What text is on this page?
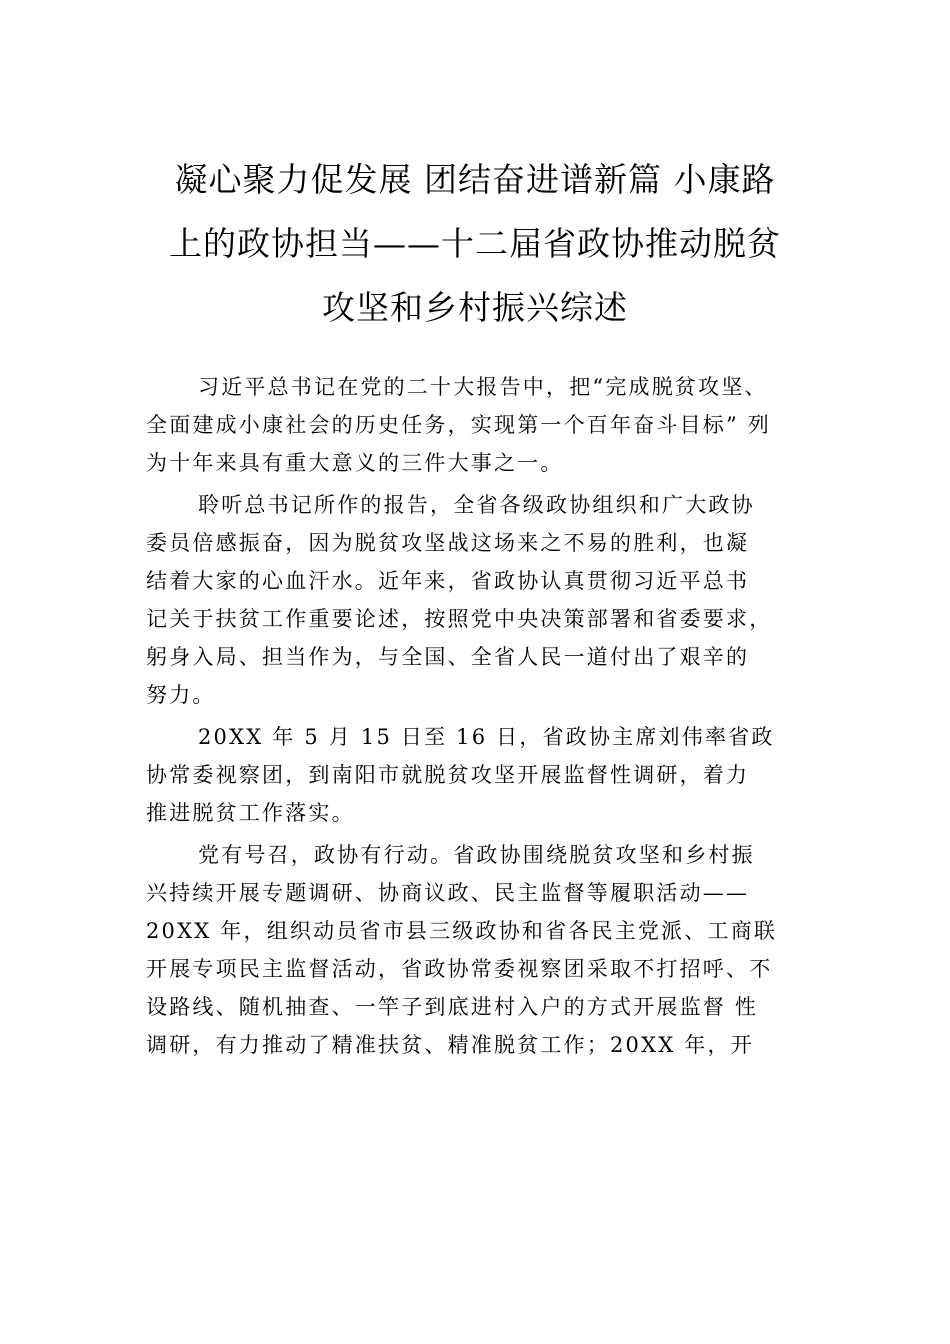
凝心聚力促发展 团结奋进谱新篇 小康路
上的政协担当——十二届省政协推动脱贫
攻坚和乡村振兴综述
习近平总书记在党的二十大报告中，把“完成脱贫攻坚、
全面建成小康社会的历史任务，实现第一个百年奋斗目标” 列
为十年来具有重大意义的三件大事之一。
聆听总书记所作的报告，全省各级政协组织和广大政协
委员倍感振奋，因为脱贫攻坚战这场来之不易的胜利，也凝
结着大家的心血汗水。近年来，省政协认真贯彻习近平总书
记关于扶贫工作重要论述，按照党中央决策部署和省委要求，
躬身入局、担当作为，与全国、全省人民一道付出了艰辛的
努力。
20XX 年 5 月 15 日至 16 日，省政协主席刘伟率省政
协常委视察团，到南阳市就脱贫攻坚开展监督性调研，着力
推进脱贫工作落实。
党有号召，政协有行动。省政协围绕脱贫攻坚和乡村振
兴持续开展专题调研、协商议政、民主监督等履职活动——
20XX 年，组织动员省市县三级政协和省各民主党派、工商联
开展专项民主监督活动，省政协常委视察团采取不打招呼、不
设路线、随机抽查、一竿子到底进村入户的方式开展监督 性
调研，有力推动了精准扶贫、精准脱贫工作；20XX 年，开
